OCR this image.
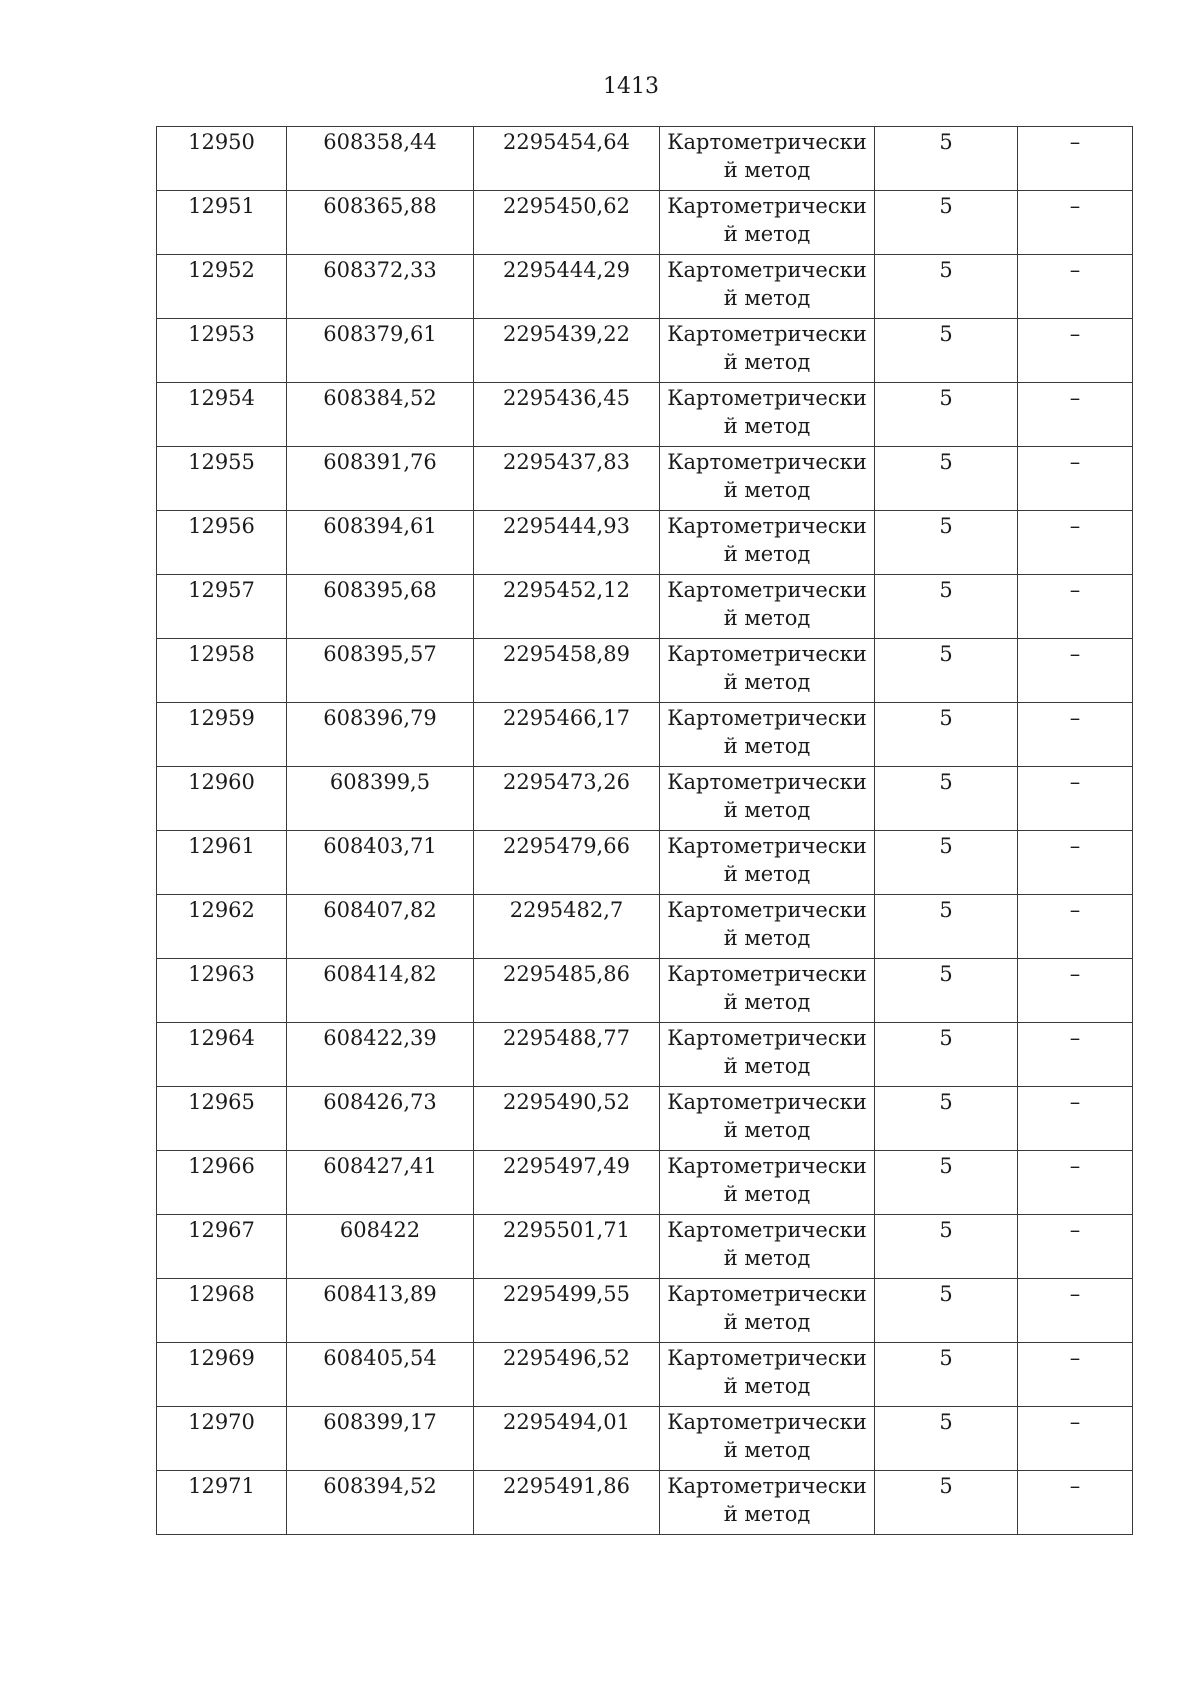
1413
12950	608358,44	2295454,64	Картометрический метод	5	–

12951	608365,88	2295450,62	Картометрический метод	5	–

12952	608372,33	2295444,29	Картометрический метод	5	–

12953	608379,61	2295439,22	Картометрический метод	5	–

12954	608384,52	2295436,45	Картометрический метод	5	–

12955	608391,76	2295437,83	Картометрический метод	5	–

12956	608394,61	2295444,93	Картометрический метод	5	–

12957	608395,68	2295452,12	Картометрический метод	5	–

12958	608395,57	2295458,89	Картометрический метод	5	–

12959	608396,79	2295466,17	Картометрический метод	5	–

12960	608399,5	2295473,26	Картометрический метод	5	–

12961	608403,71	2295479,66	Картометрический метод	5	–

12962	608407,82	2295482,7	Картометрический метод	5	–

12963	608414,82	2295485,86	Картометрический метод	5	–

12964	608422,39	2295488,77	Картометрический метод	5	–

12965	608426,73	2295490,52	Картометрический метод	5	–

12966	608427,41	2295497,49	Картометрический метод	5	–

12967	608422	2295501,71	Картометрический метод	5	–

12968	608413,89	2295499,55	Картометрический метод	5	–

12969	608405,54	2295496,52	Картометрический метод	5	–

12970	608399,17	2295494,01	Картометрический метод	5	–

12971	608394,52	2295491,86	Картометрический метод	5	–
